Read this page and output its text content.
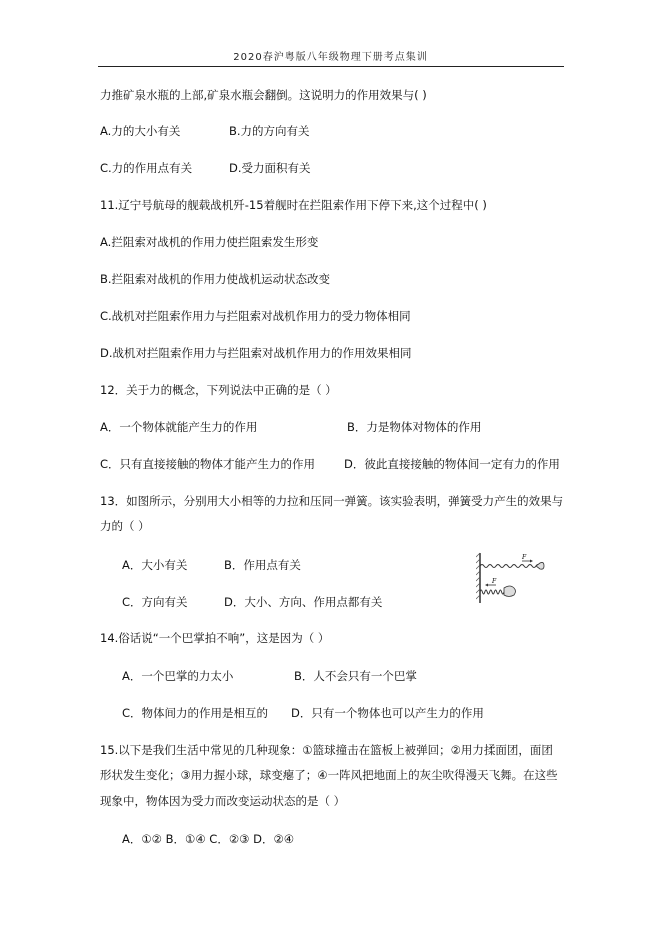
2020春沪粤版八年级物理下册考点集训
力推矿泉水瓶的上部,矿泉水瓶会翻倒。这说明力的作用效果与( )
A.力的大小有关	B.力的方向有关
C.力的作用点有关	D.受力面积有关
11.辽宁号航母的舰载战机歼-15着舰时在拦阻索作用下停下来,这个过程中( )
A.拦阻索对战机的作用力使拦阻索发生形变
B.拦阻索对战机的作用力使战机运动状态改变
C.战机对拦阻索作用力与拦阻索对战机作用力的受力物体相同
D.战机对拦阻索作用力与拦阻索对战机作用力的作用效果相同
12．关于力的概念，下列说法中正确的是（ ）
A．一个物体就能产生力的作用	B．力是物体对物体的作用
C．只有直接接触的物体才能产生力的作用	D．彼此直接接触的物体间一定有力的作用
13．如图所示，分别用大小相等的力拉和压同一弹簧。该实验表明，弹簧受力产生的效果与
力的（ ）
A．大小有关	B．作用点有关
C．方向有关	D．大小、方向、作用点都有关
F
F
14.俗话说“一个巴掌拍不响”，这是因为（ ）
A．一个巴掌的力太小	B．人不会只有一个巴掌
C．物体间力的作用是相互的 D．只有一个物体也可以产生力的作用
15.以下是我们生活中常见的几种现象：①篮球撞击在篮板上被弹回；②用力揉面团，面团
形状发生变化；③用力握小球，球变瘪了；④一阵风把地面上的灰尘吹得漫天飞舞。在这些
现象中，物体因为受力而改变运动状态的是（ ）
A．①② B．①④ C．②③ D．②④
